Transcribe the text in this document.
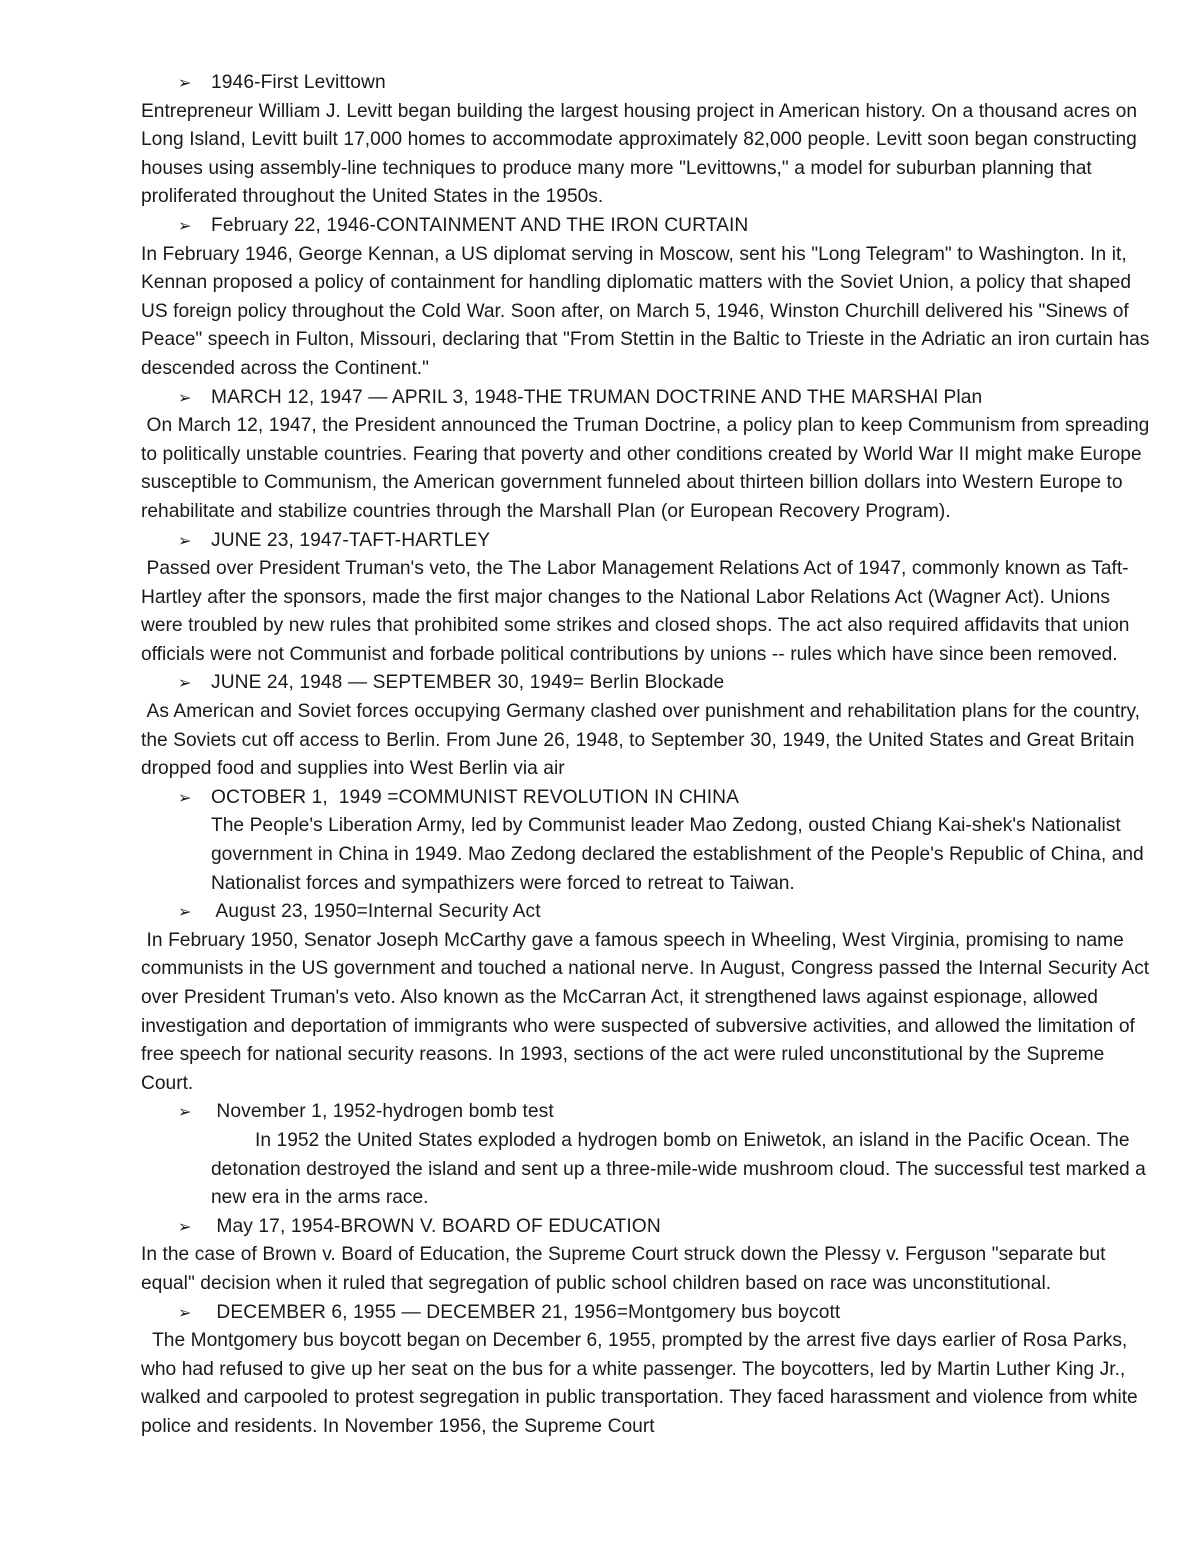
➢ 1946-First Levittown

Entrepreneur William J. Levitt began building the largest housing project in American history. On a thousand acres on Long Island, Levitt built 17,000 homes to accommodate approximately 82,000 people. Levitt soon began constructing houses using assembly-line techniques to produce many more "Levittowns," a model for suburban planning that proliferated throughout the United States in the 1950s.

➢ February 22, 1946-CONTAINMENT AND THE IRON CURTAIN

In February 1946, George Kennan, a US diplomat serving in Moscow, sent his "Long Telegram" to Washington. In it, Kennan proposed a policy of containment for handling diplomatic matters with the Soviet Union, a policy that shaped US foreign policy throughout the Cold War. Soon after, on March 5, 1946, Winston Churchill delivered his "Sinews of Peace" speech in Fulton, Missouri, declaring that "From Stettin in the Baltic to Trieste in the Adriatic an iron curtain has descended across the Continent."

➢ MARCH 12, 1947 — APRIL 3, 1948-THE TRUMAN DOCTRINE AND THE MARSHAl Plan

On March 12, 1947, the President announced the Truman Doctrine, a policy plan to keep Communism from spreading to politically unstable countries. Fearing that poverty and other conditions created by World War II might make Europe susceptible to Communism, the American government funneled about thirteen billion dollars into Western Europe to rehabilitate and stabilize countries through the Marshall Plan (or European Recovery Program).

➢ JUNE 23, 1947-TAFT-HARTLEY

Passed over President Truman's veto, the The Labor Management Relations Act of 1947, commonly known as Taft-Hartley after the sponsors, made the first major changes to the National Labor Relations Act (Wagner Act). Unions were troubled by new rules that prohibited some strikes and closed shops. The act also required affidavits that union officials were not Communist and forbade political contributions by unions -- rules which have since been removed.

➢ JUNE 24, 1948 — SEPTEMBER 30, 1949= Berlin Blockade

As American and Soviet forces occupying Germany clashed over punishment and rehabilitation plans for the country, the Soviets cut off access to Berlin. From June 26, 1948, to September 30, 1949, the United States and Great Britain dropped food and supplies into West Berlin via air

➢ OCTOBER 1,  1949 =COMMUNIST REVOLUTION IN CHINA

The People's Liberation Army, led by Communist leader Mao Zedong, ousted Chiang Kai-shek's Nationalist government in China in 1949. Mao Zedong declared the establishment of the People's Republic of China, and Nationalist forces and sympathizers were forced to retreat to Taiwan.

➢ August 23, 1950=Internal Security Act

In February 1950, Senator Joseph McCarthy gave a famous speech in Wheeling, West Virginia, promising to name communists in the US government and touched a national nerve. In August, Congress passed the Internal Security Act over President Truman's veto. Also known as the McCarran Act, it strengthened laws against espionage, allowed investigation and deportation of immigrants who were suspected of subversive activities, and allowed the limitation of free speech for national security reasons. In 1993, sections of the act were ruled unconstitutional by the Supreme Court.

➢ November 1, 1952-hydrogen bomb test

In 1952 the United States exploded a hydrogen bomb on Eniwetok, an island in the Pacific Ocean. The detonation destroyed the island and sent up a three-mile-wide mushroom cloud. The successful test marked a new era in the arms race.

➢ May 17, 1954-BROWN V. BOARD OF EDUCATION

In the case of Brown v. Board of Education, the Supreme Court struck down the Plessy v. Ferguson "separate but equal" decision when it ruled that segregation of public school children based on race was unconstitutional.

➢ DECEMBER 6, 1955 — DECEMBER 21, 1956=Montgomery bus boycott

The Montgomery bus boycott began on December 6, 1955, prompted by the arrest five days earlier of Rosa Parks, who had refused to give up her seat on the bus for a white passenger. The boycotters, led by Martin Luther King Jr., walked and carpooled to protest segregation in public transportation. They faced harassment and violence from white police and residents. In November 1956, the Supreme Court
